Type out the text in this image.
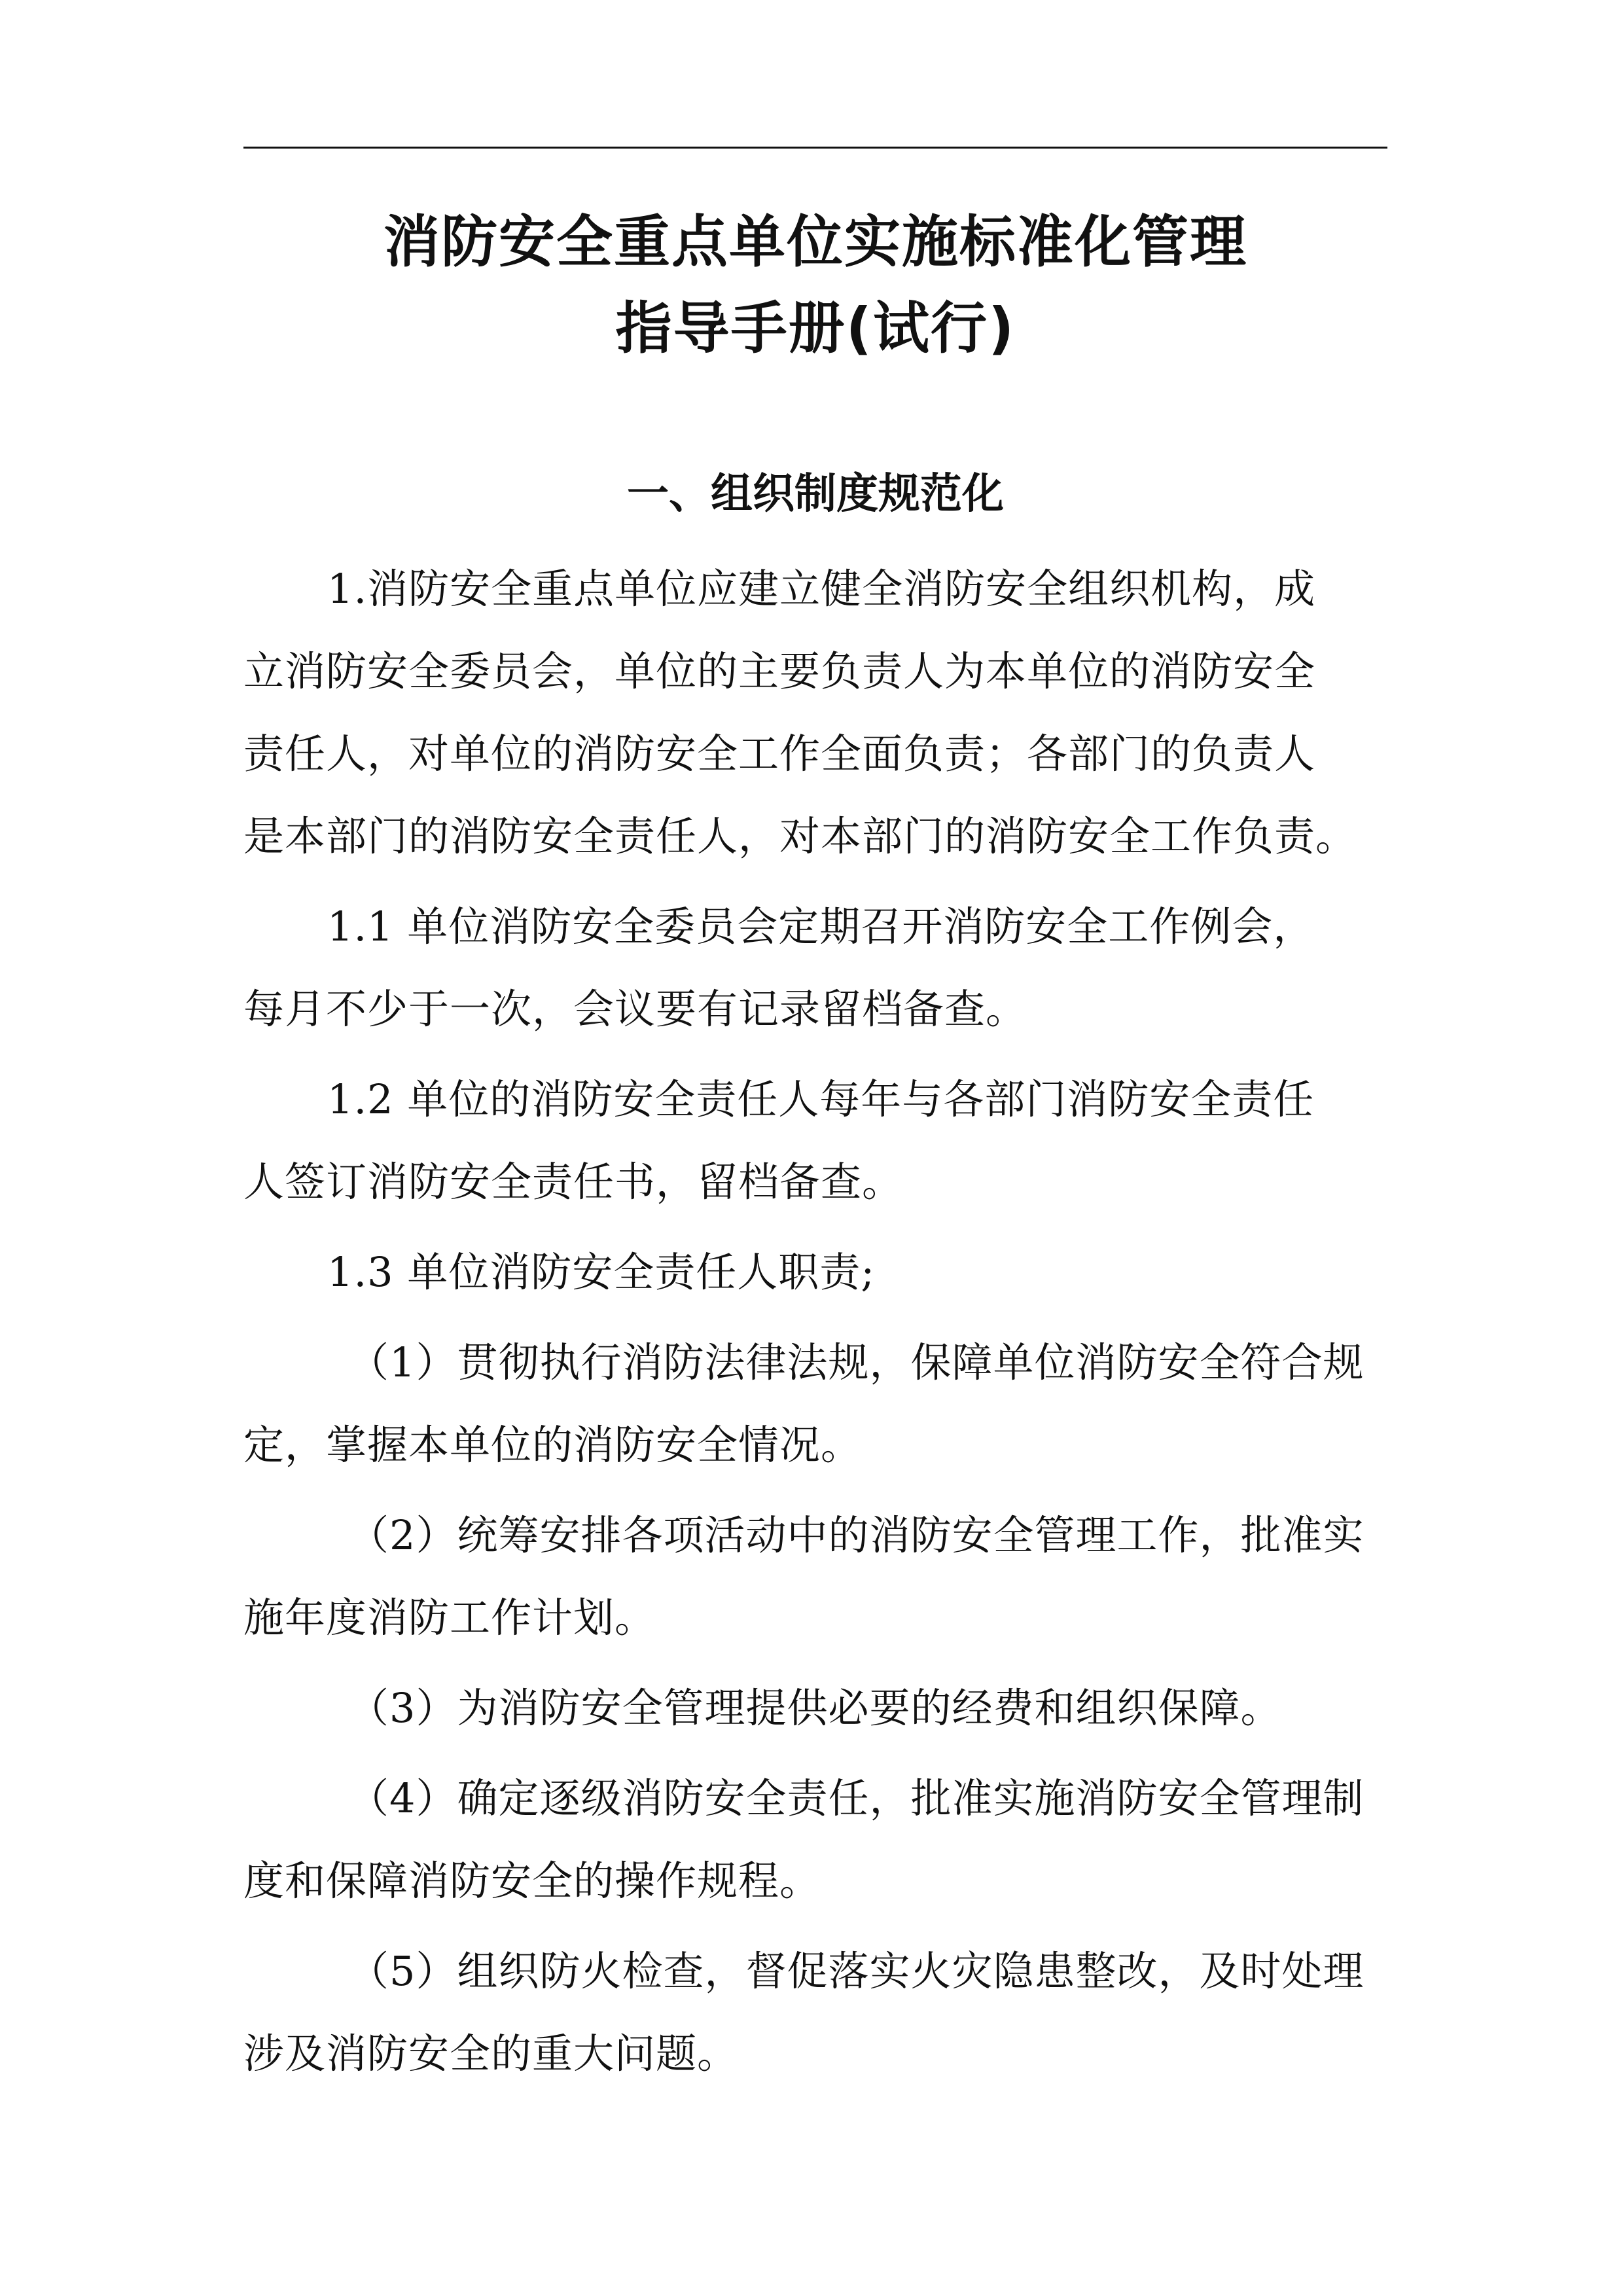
消防安全重点单位实施标准化管理
指导手册(试行)
一、组织制度规范化
1.消防安全重点单位应建立健全消防安全组织机构，成
立消防安全委员会，单位的主要负责人为本单位的消防安全
责任人，对单位的消防安全工作全面负责；各部门的负责人
是本部门的消防安全责任人，对本部门的消防安全工作负责。
1.1 单位消防安全委员会定期召开消防安全工作例会，
每月不少于一次，会议要有记录留档备查。
1.2 单位的消防安全责任人每年与各部门消防安全责任
人签订消防安全责任书，留档备查。
1.3 单位消防安全责任人职责;
（1）贯彻执行消防法律法规，保障单位消防安全符合规
定，掌握本单位的消防安全情况。
（2）统筹安排各项活动中的消防安全管理工作，批准实
施年度消防工作计划。
（3）为消防安全管理提供必要的经费和组织保障。
（4）确定逐级消防安全责任，批准实施消防安全管理制
度和保障消防安全的操作规程。
（5）组织防火检查，督促落实火灾隐患整改，及时处理
涉及消防安全的重大问题。
